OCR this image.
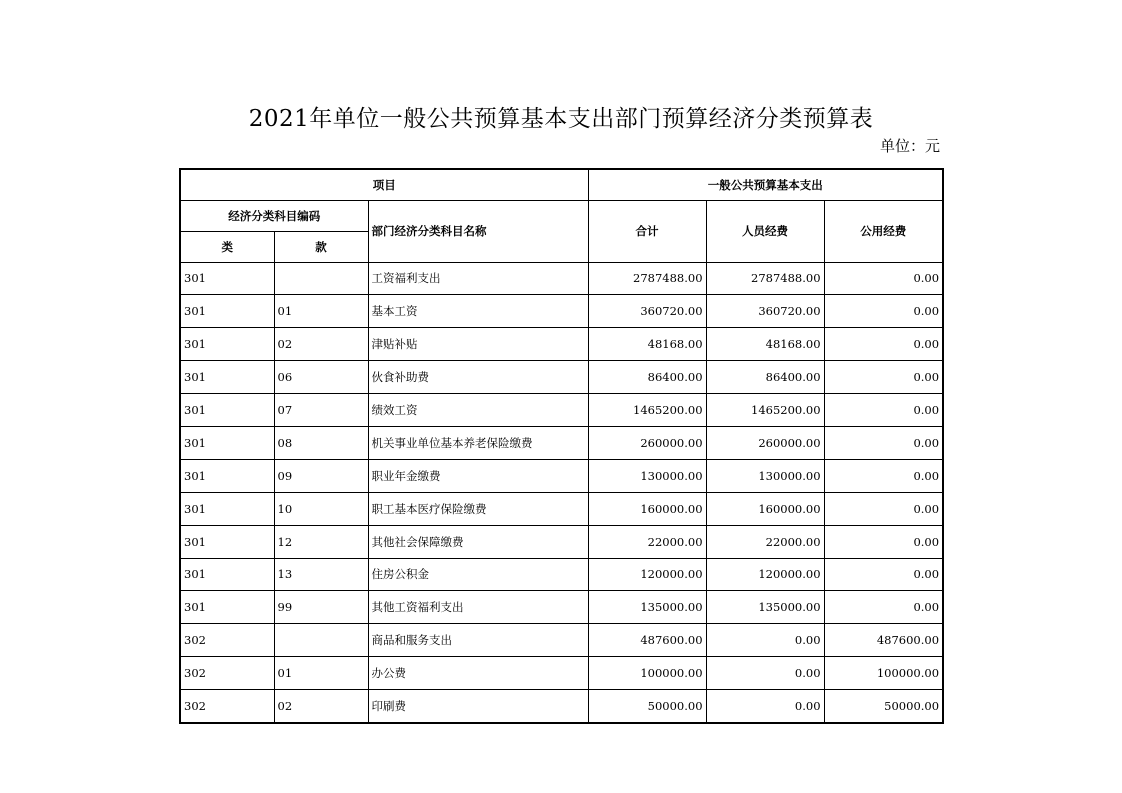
2021年单位一般公共预算基本支出部门预算经济分类预算表
单位：元
项目			一般公共预算基本支出		
经济分类科目编码		部门经济分类科目名称	合计	人员经费	公用经费
类	款				
301		工资福利支出	2787488.00	2787488.00	0.00
301	01	基本工资	360720.00	360720.00	0.00
301	02	津贴补贴	48168.00	48168.00	0.00
301	06	伙食补助费	86400.00	86400.00	0.00
301	07	绩效工资	1465200.00	1465200.00	0.00
301	08	机关事业单位基本养老保险缴费	260000.00	260000.00	0.00
301	09	职业年金缴费	130000.00	130000.00	0.00
301	10	职工基本医疗保险缴费	160000.00	160000.00	0.00
301	12	其他社会保障缴费	22000.00	22000.00	0.00
301	13	住房公积金	120000.00	120000.00	0.00
301	99	其他工资福利支出	135000.00	135000.00	0.00
302		商品和服务支出	487600.00	0.00	487600.00
302	01	办公费	100000.00	0.00	100000.00
302	02	印刷费	50000.00	0.00	50000.00
